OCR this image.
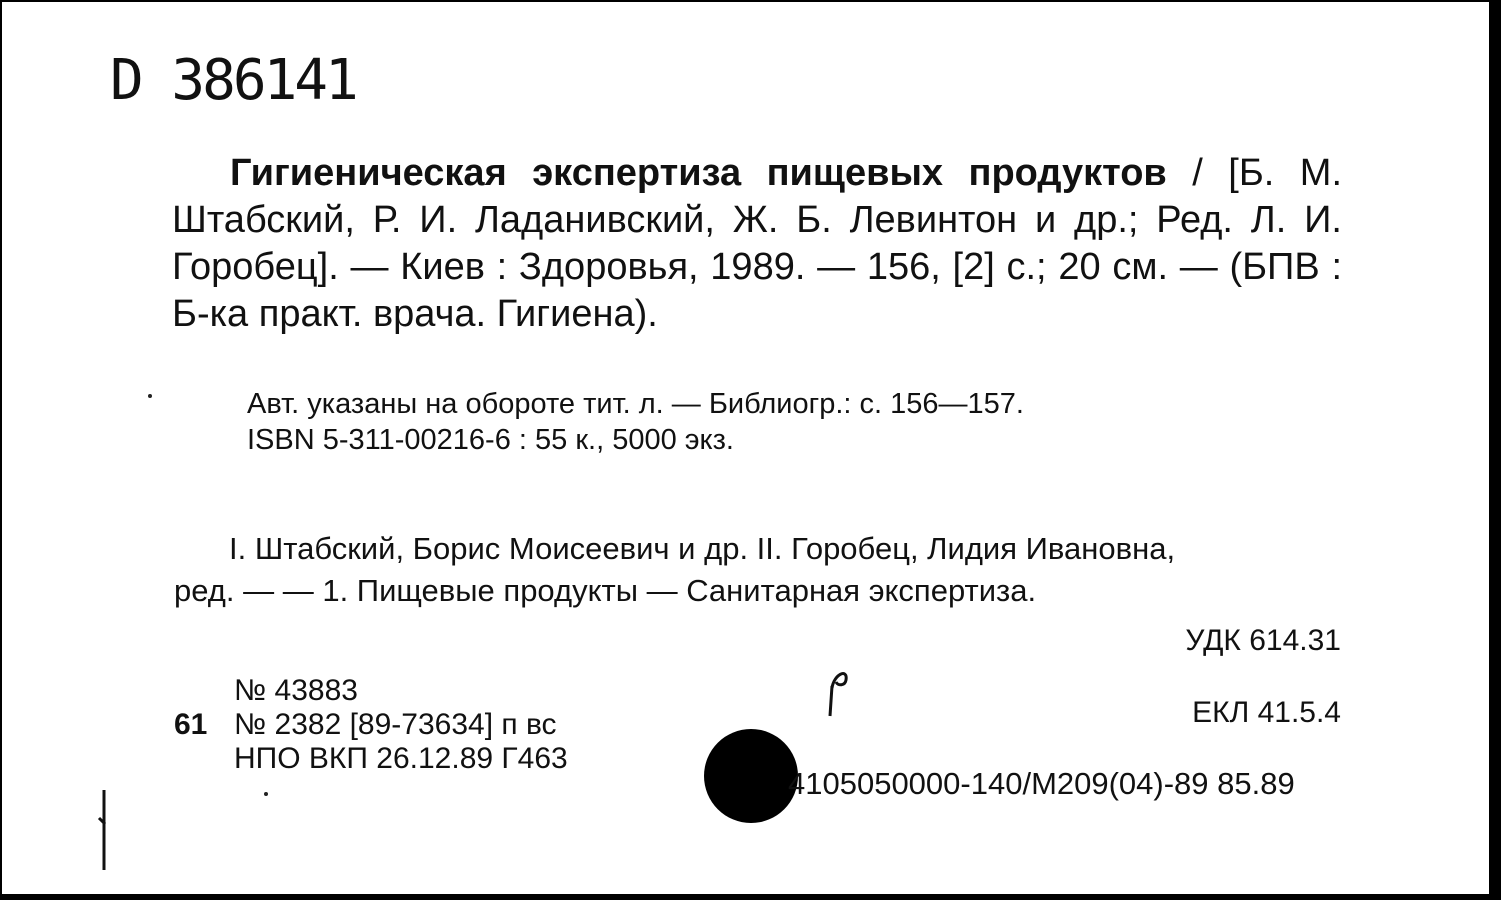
D 386141
Гигиеническая экспертиза пищевых продуктов / [Б. М. Штабский, Р. И. Ладанивский, Ж. Б. Левинтон и др.; Ред. Л. И. Горобец]. — Киев : Здоровья, 1989. — 156, [2] с.; 20 см. — (БПВ : Б-ка практ. врача. Гигиена).
Авт. указаны на обороте тит. л. — Библиогр.: с. 156—157.
ISBN 5-311-00216-6 : 55 к., 5000 экз.
I. Штабский, Борис Моисеевич и др. II. Горобец, Лидия Ивановна,
ред. — — 1. Пищевые продукты — Санитарная экспертиза.
УДК 614.31
ЕКЛ 41.5.4
№ 43883
61 № 2382 [89-73634] п вс
НПО ВКП 26.12.89 Г463
4105050000-140/М209(04)-89 85.89
